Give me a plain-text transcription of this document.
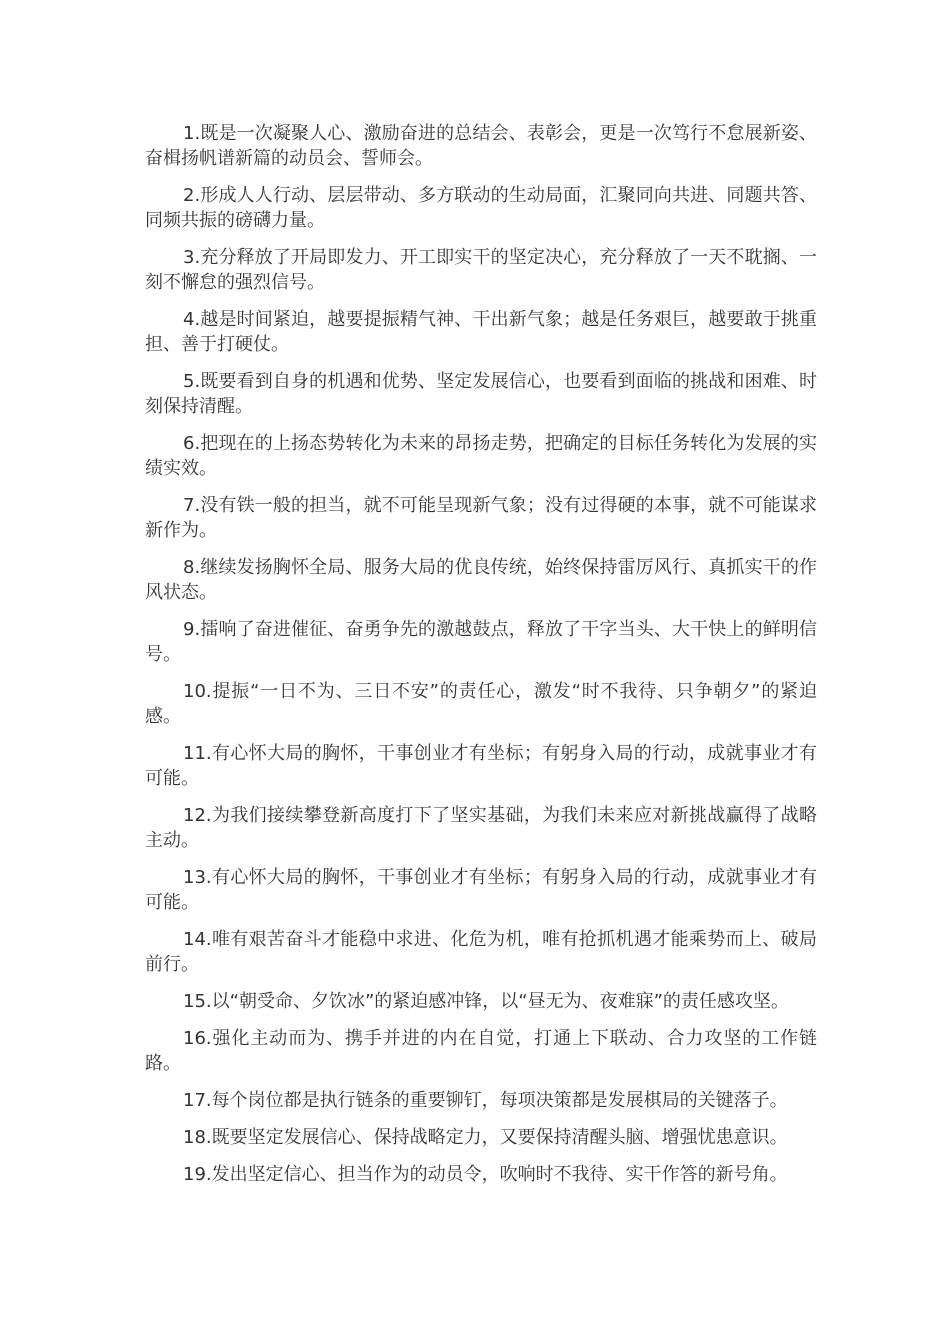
1.既是一次凝聚人心、激励奋进的总结会、表彰会，更是一次笃行不怠展新姿、奋楫扬帆谱新篇的动员会、誓师会。

2.形成人人行动、层层带动、多方联动的生动局面，汇聚同向共进、同题共答、同频共振的磅礴力量。

3.充分释放了开局即发力、开工即实干的坚定决心，充分释放了一天不耽搁、一刻不懈怠的强烈信号。

4.越是时间紧迫，越要提振精气神、干出新气象；越是任务艰巨，越要敢于挑重担、善于打硬仗。

5.既要看到自身的机遇和优势、坚定发展信心，也要看到面临的挑战和困难、时刻保持清醒。

6.把现在的上扬态势转化为未来的昂扬走势，把确定的目标任务转化为发展的实绩实效。

7.没有铁一般的担当，就不可能呈现新气象；没有过得硬的本事，就不可能谋求新作为。

8.继续发扬胸怀全局、服务大局的优良传统，始终保持雷厉风行、真抓实干的作风状态。

9.擂响了奋进催征、奋勇争先的激越鼓点，释放了干字当头、大干快上的鲜明信号。

10.提振“一日不为、三日不安”的责任心，激发“时不我待、只争朝夕”的紧迫感。

11.有心怀大局的胸怀，干事创业才有坐标；有躬身入局的行动，成就事业才有可能。

12.为我们接续攀登新高度打下了坚实基础，为我们未来应对新挑战赢得了战略主动。

13.有心怀大局的胸怀，干事创业才有坐标；有躬身入局的行动，成就事业才有可能。

14.唯有艰苦奋斗才能稳中求进、化危为机，唯有抢抓机遇才能乘势而上、破局前行。

15.以“朝受命、夕饮冰”的紧迫感冲锋，以“昼无为、夜难寐”的责任感攻坚。

16.强化主动而为、携手并进的内在自觉，打通上下联动、合力攻坚的工作链路。

17.每个岗位都是执行链条的重要铆钉，每项决策都是发展棋局的关键落子。

18.既要坚定发展信心、保持战略定力，又要保持清醒头脑、增强忧患意识。

19.发出坚定信心、担当作为的动员令，吹响时不我待、实干作答的新号角。
